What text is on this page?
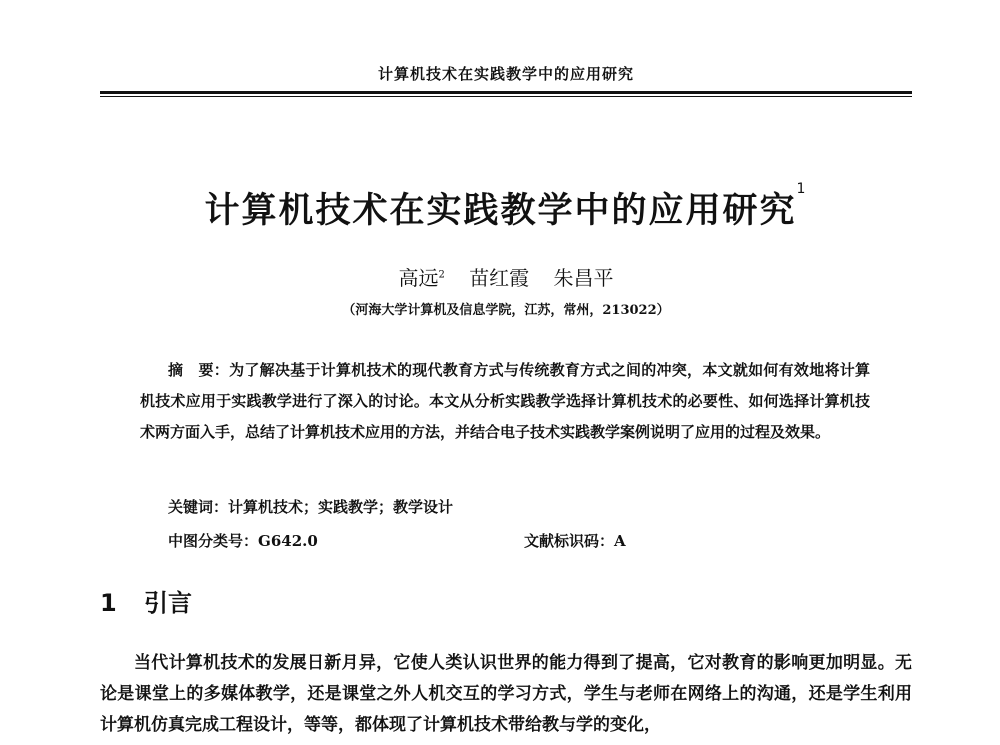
计算机技术在实践教学中的应用研究
计算机技术在实践教学中的应用研究$^1$
高远$^2$ 苗红霞 朱昌平
（河海大学计算机及信息学院，江苏，常州，213022）
摘　要：为了解决基于计算机技术的现代教育方式与传统教育方式之间的冲突，本文就如何有效地将计算机技术应用于实践教学进行了深入的讨论。本文从分析实践教学选择计算机技术的必要性、如何选择计算机技术两方面入手，总结了计算机技术应用的方法，并结合电子技术实践教学案例说明了应用的过程及效果。
关键词：计算机技术；实践教学；教学设计
中图分类号：G642.0	文献标识码：A
1 引言
当代计算机技术的发展日新月异，它使人类认识世界的能力得到了提高，它对教育的影响更加明显。无论是课堂上的多媒体教学，还是课堂之外人机交互的学习方式，学生与老师在网络上的沟通，还是学生利用计算机仿真完成工程设计，等等，都体现了计算机技术带给教与学的变化，
